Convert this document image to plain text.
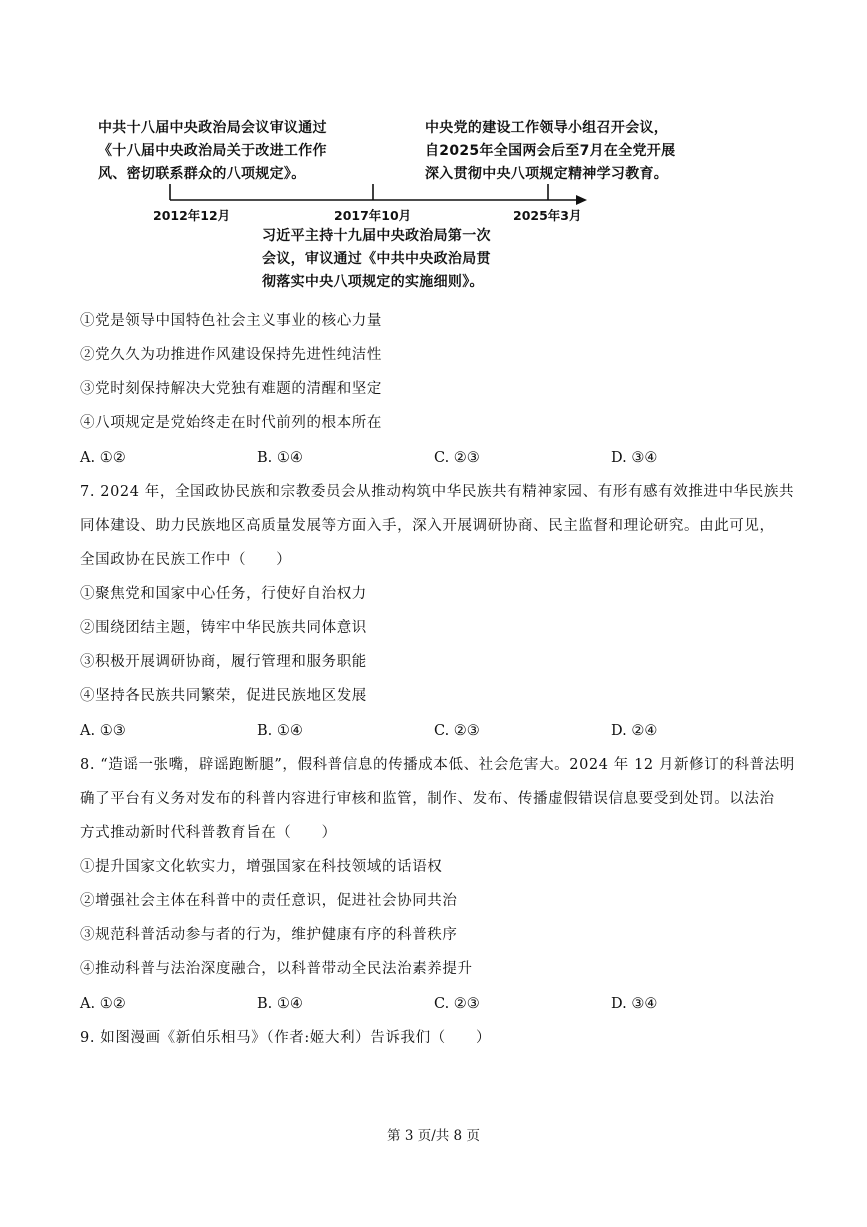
中共十八届中央政治局会议审议通过
《十八届中央政治局关于改进工作作
风、密切联系群众的八项规定》。
中央党的建设工作领导小组召开会议，
自2025年全国两会后至7月在全党开展
深入贯彻中央八项规定精神学习教育。
2012年12月	2017年10月	2025年3月
习近平主持十九届中央政治局第一次
会议，审议通过《中共中央政治局贯
彻落实中央八项规定的实施细则》。
①党是领导中国特色社会主义事业的核心力量
②党久久为功推进作风建设保持先进性纯洁性
③党时刻保持解决大党独有难题的清醒和坚定
④八项规定是党始终走在时代前列的根本所在
A. ①②	B. ①④	C. ②③	D. ③④
7. 2024 年，全国政协民族和宗教委员会从推动构筑中华民族共有精神家园、有形有感有效推进中华民族共
同体建设、助力民族地区高质量发展等方面入手，深入开展调研协商、民主监督和理论研究。由此可见，
全国政协在民族工作中（　　）
①聚焦党和国家中心任务，行使好自治权力
②围绕团结主题，铸牢中华民族共同体意识
③积极开展调研协商，履行管理和服务职能
④坚持各民族共同繁荣，促进民族地区发展
A. ①③	B. ①④	C. ②③	D. ②④
8. “造谣一张嘴，辟谣跑断腿”，假科普信息的传播成本低、社会危害大。2024 年 12 月新修订的科普法明
确了平台有义务对发布的科普内容进行审核和监管，制作、发布、传播虚假错误信息要受到处罚。以法治
方式推动新时代科普教育旨在（　　）
①提升国家文化软实力，增强国家在科技领域的话语权
②增强社会主体在科普中的责任意识，促进社会协同共治
③规范科普活动参与者的行为，维护健康有序的科普秩序
④推动科普与法治深度融合，以科普带动全民法治素养提升
A. ①②	B. ①④	C. ②③	D. ③④
9. 如图漫画《新伯乐相马》（作者:姬大利）告诉我们（　　）
第 3 页/共 8 页
